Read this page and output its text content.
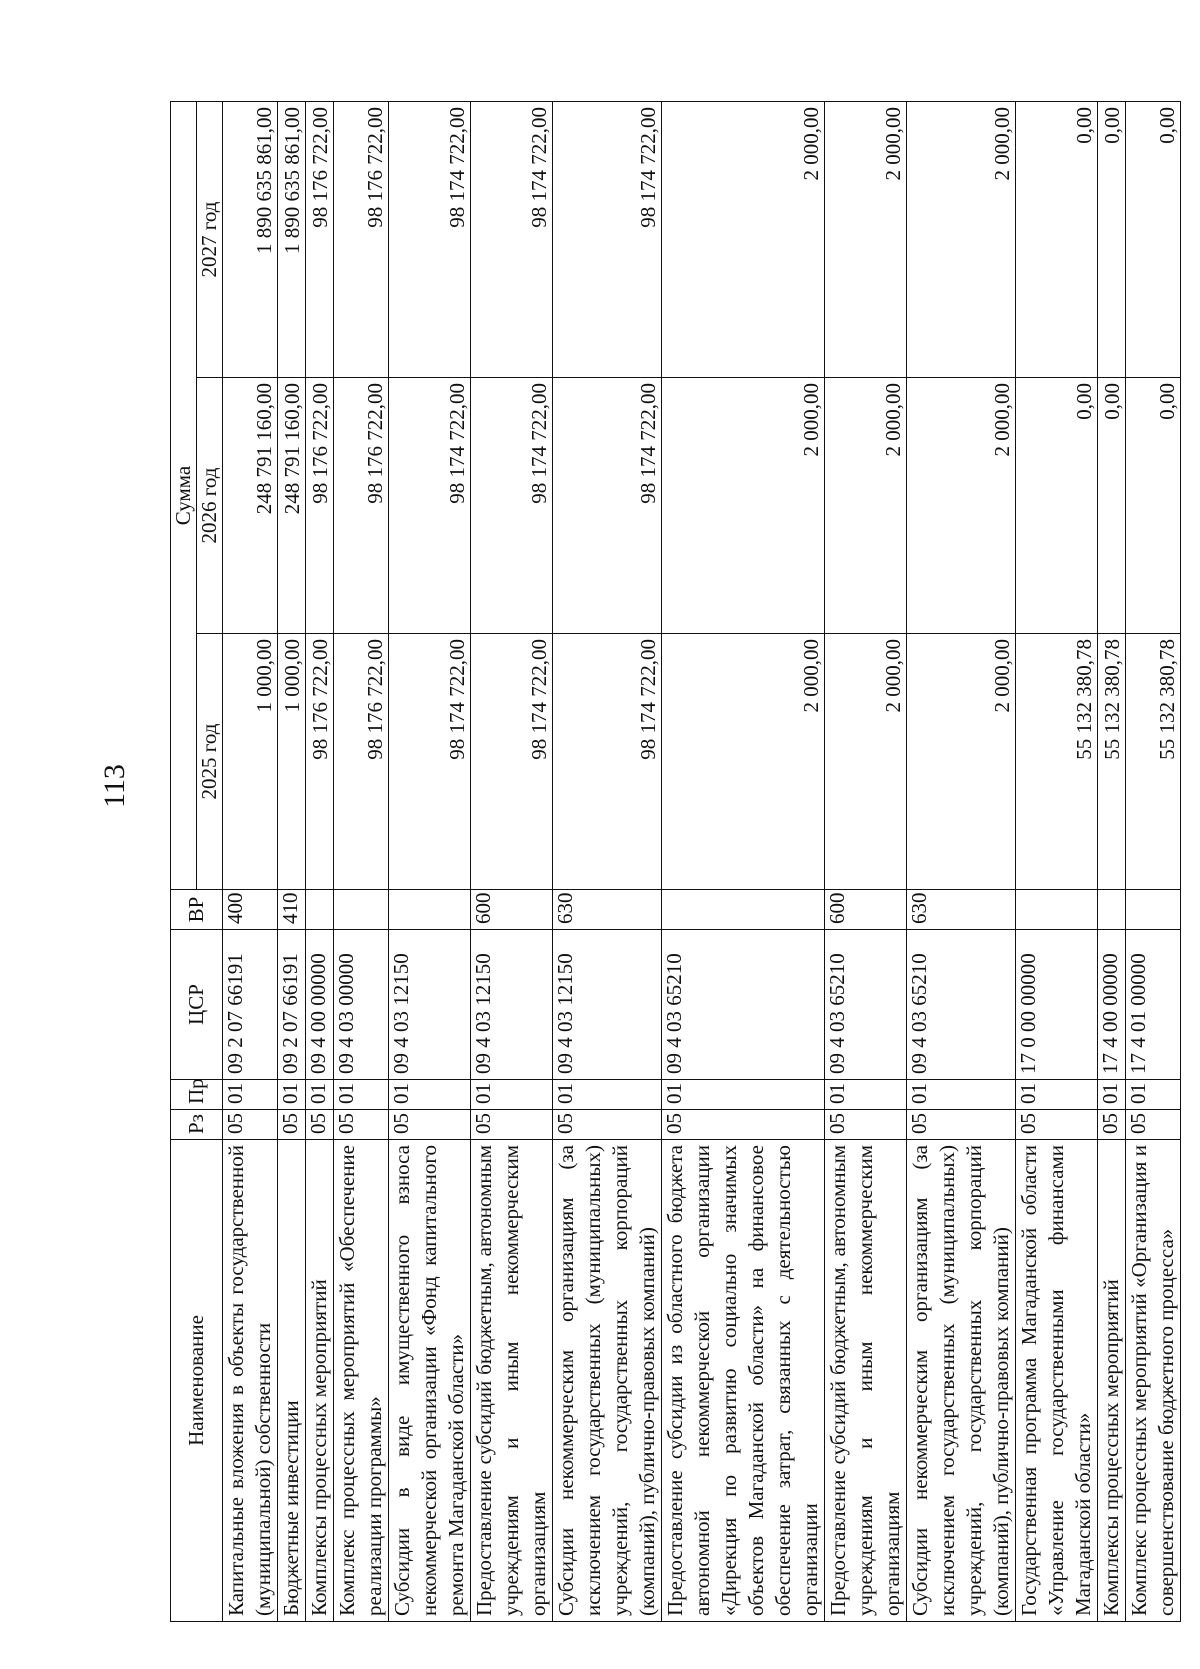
113
Наименование	Рз	Пр	ЦСР	ВР	Сумма		
					2025 год	2026 год	2027 год
Капитальные вложения в объекты государственной (муниципальной) собственности	05	01	09 2 07 66191	400	1 000,00	248 791 160,00	1 890 635 861,00
Бюджетные инвестиции	05	01	09 2 07 66191	410	1 000,00	248 791 160,00	1 890 635 861,00
Комплексы процессных мероприятий	05	01	09 4 00 00000		98 176 722,00	98 176 722,00	98 176 722,00
Комплекс процессных мероприятий «Обеспечение реализации программы»	05	01	09 4 03 00000		98 176 722,00	98 176 722,00	98 176 722,00
Субсидии в виде имущественного взноса некоммерческой организации «Фонд капитального ремонта Магаданской области»	05	01	09 4 03 12150		98 174 722,00	98 174 722,00	98 174 722,00
Предоставление субсидий бюджетным, автономным учреждениям и иным некоммерческим организациям	05	01	09 4 03 12150	600	98 174 722,00	98 174 722,00	98 174 722,00
Субсидии некоммерческим организациям (за исключением государственных (муниципальных) учреждений, государственных корпораций (компаний), публично-правовых компаний)	05	01	09 4 03 12150	630	98 174 722,00	98 174 722,00	98 174 722,00
Предоставление субсидии из областного бюджета автономной некоммерческой организации «Дирекция по развитию социально значимых объектов Магаданской области» на финансовое обеспечение затрат, связанных с деятельностью организации	05	01	09 4 03 65210		2 000,00	2 000,00	2 000,00
Предоставление субсидий бюджетным, автономным учреждениям и иным некоммерческим организациям	05	01	09 4 03 65210	600	2 000,00	2 000,00	2 000,00
Субсидии некоммерческим организациям (за исключением государственных (муниципальных) учреждений, государственных корпораций (компаний), публично-правовых компаний)	05	01	09 4 03 65210	630	2 000,00	2 000,00	2 000,00
Государственная программа Магаданской области «Управление государственными финансами Магаданской области»	05	01	17 0 00 00000		55 132 380,78	0,00	0,00
Комплексы процессных мероприятий	05	01	17 4 00 00000		55 132 380,78	0,00	0,00
Комплекс процессных мероприятий «Организация и совершенствование бюджетного процесса»	05	01	17 4 01 00000		55 132 380,78	0,00	0,00
